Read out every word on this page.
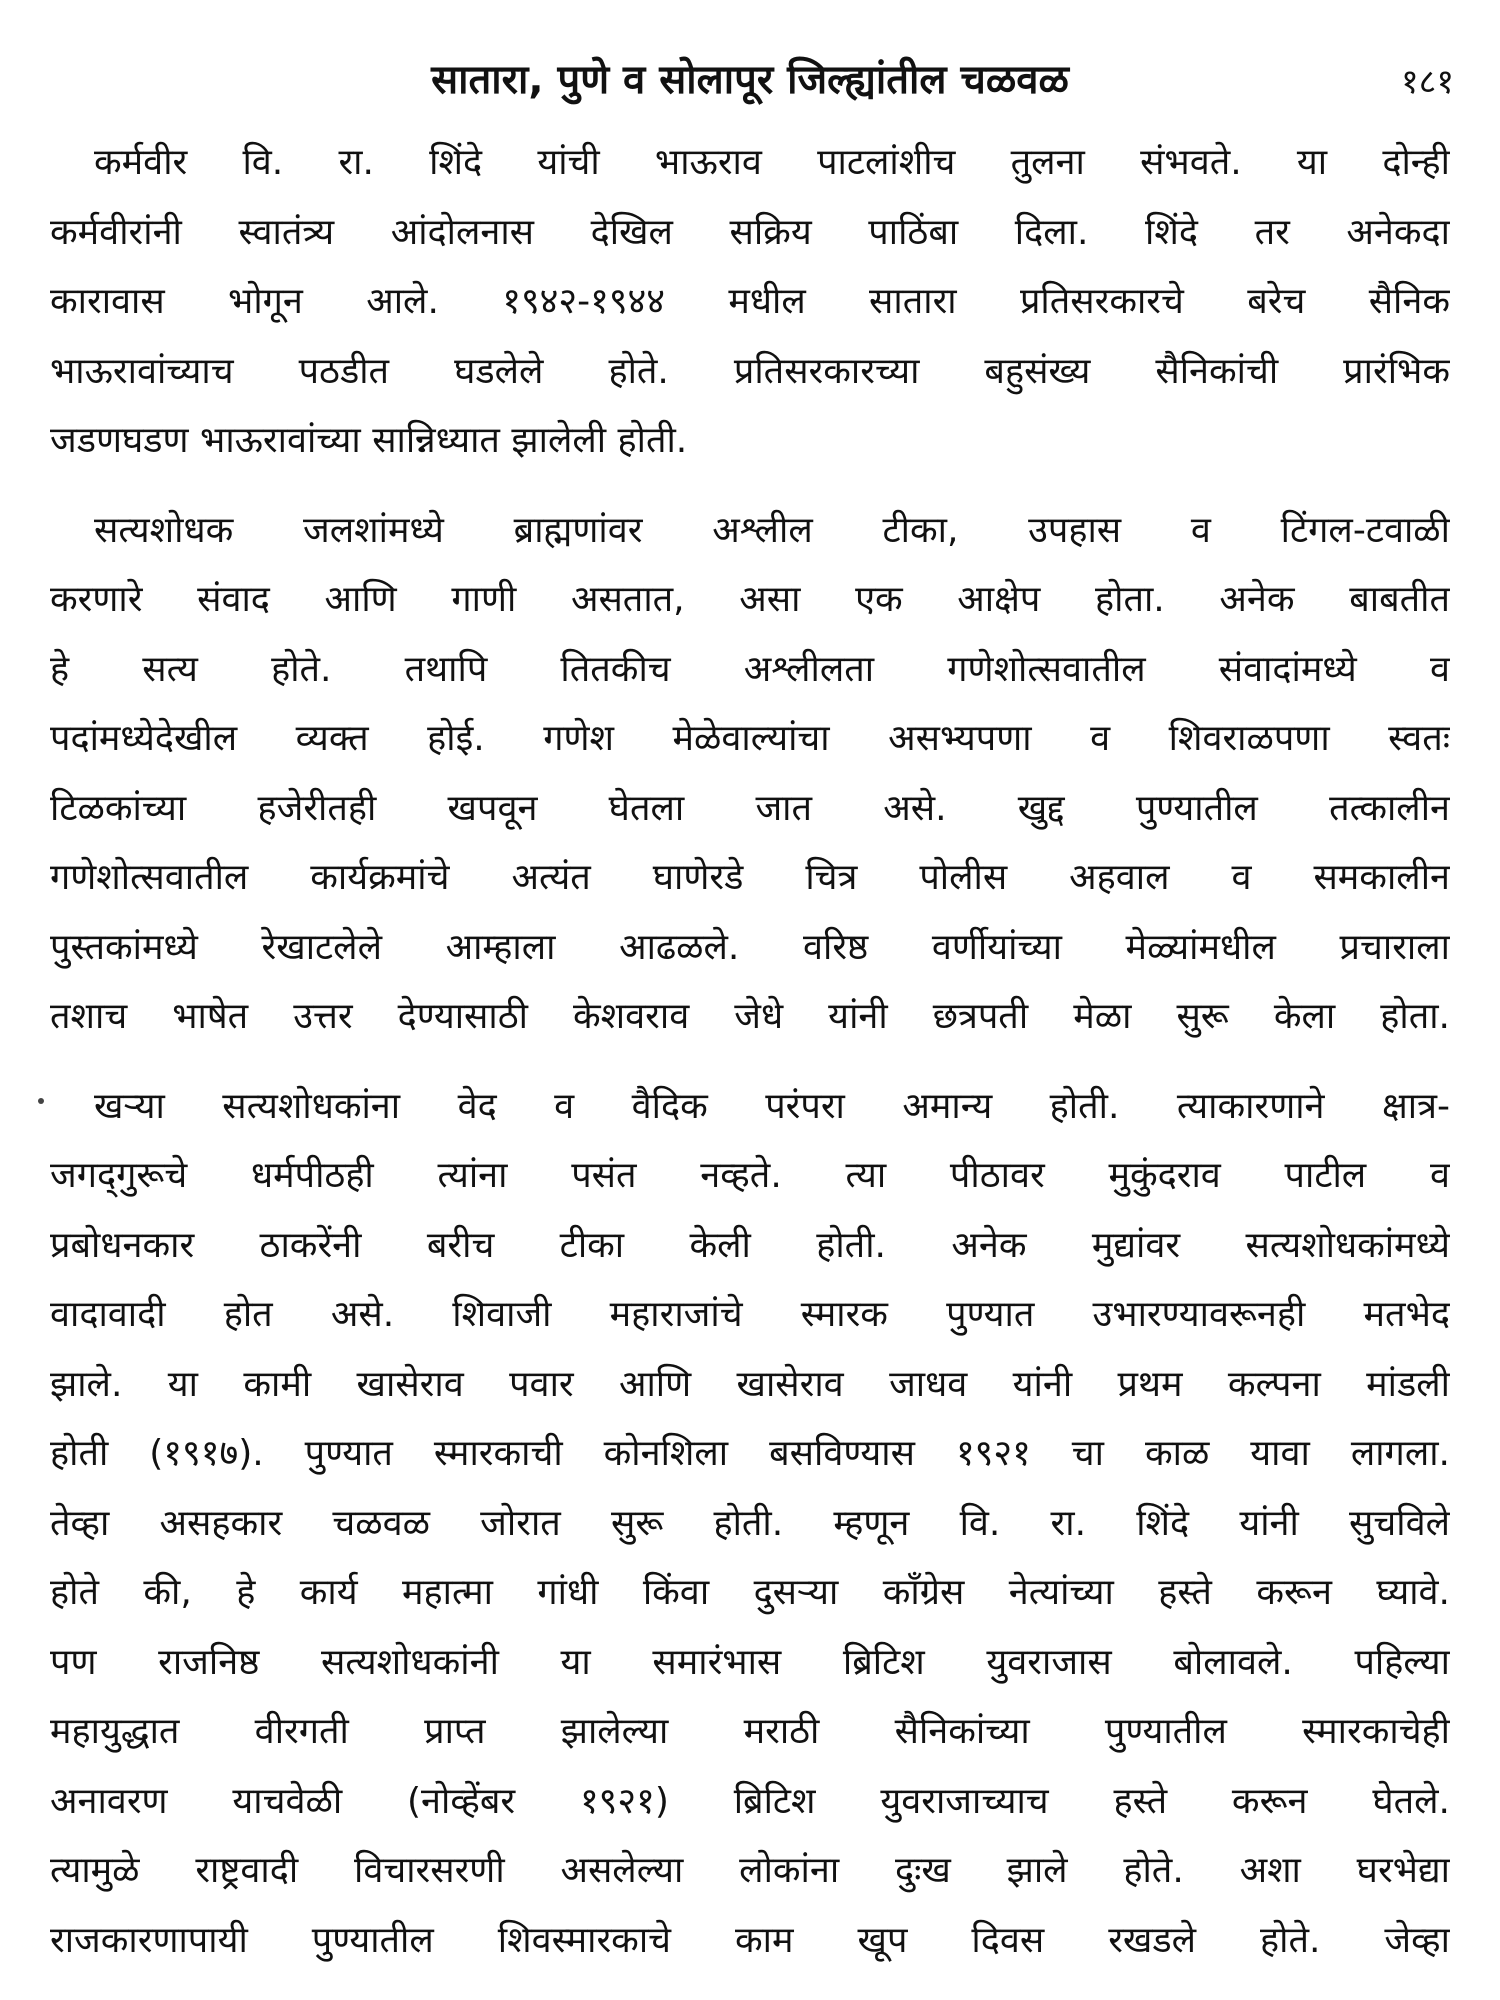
सातारा, पुणे व सोलापूर जिल्ह्यांतील चळवळ	१८१
कर्मवीर वि. रा. शिंदे यांची भाऊराव पाटलांशीच तुलना संभवते. या दोन्ही
कर्मवीरांनी स्वातंत्र्य आंदोलनास देखिल सक्रिय पाठिंबा दिला. शिंदे तर अनेकदा
कारावास भोगून आले. १९४२-१९४४ मधील सातारा प्रतिसरकारचे बरेच सैनिक
भाऊरावांच्याच पठडीत घडलेले होते. प्रतिसरकारच्या बहुसंख्य सैनिकांची प्रारंभिक
जडणघडण भाऊरावांच्या सान्निध्यात झालेली होती.
सत्यशोधक जलशांमध्ये ब्राह्मणांवर अश्लील टीका, उपहास व टिंगल-टवाळी
करणारे संवाद आणि गाणी असतात, असा एक आक्षेप होता. अनेक बाबतीत
हे सत्य होते. तथापि तितकीच अश्लीलता गणेशोत्सवातील संवादांमध्ये व
पदांमध्येदेखील व्यक्त होई. गणेश मेळेवाल्यांचा असभ्यपणा व शिवराळपणा स्वतः
टिळकांच्या हजेरीतही खपवून घेतला जात असे. खुद्द पुण्यातील तत्कालीन
गणेशोत्सवातील कार्यक्रमांचे अत्यंत घाणेरडे चित्र पोलीस अहवाल व समकालीन
पुस्तकांमध्ये रेखाटलेले आम्हाला आढळले. वरिष्ठ वर्णीयांच्या मेळ्यांमधील प्रचाराला
तशाच भाषेत उत्तर देण्यासाठी केशवराव जेधे यांनी छत्रपती मेळा सुरू केला होता.
खऱ्या सत्यशोधकांना वेद व वैदिक परंपरा अमान्य होती. त्याकारणाने क्षात्र-
जगद्‌गुरूचे धर्मपीठही त्यांना पसंत नव्हते. त्या पीठावर मुकुंदराव पाटील व
प्रबोधनकार ठाकरेंनी बरीच टीका केली होती. अनेक मुद्यांवर सत्यशोधकांमध्ये
वादावादी होत असे. शिवाजी महाराजांचे स्मारक पुण्यात उभारण्यावरूनही मतभेद
झाले. या कामी खासेराव पवार आणि खासेराव जाधव यांनी प्रथम कल्पना मांडली
होती (१९१७). पुण्यात स्मारकाची कोनशिला बसविण्यास १९२१ चा काळ यावा लागला.
तेव्हा असहकार चळवळ जोरात सुरू होती. म्हणून वि. रा. शिंदे यांनी सुचविले
होते की, हे कार्य महात्मा गांधी किंवा दुसऱ्या कॉंग्रेस नेत्यांच्या हस्ते करून घ्यावे.
पण राजनिष्ठ सत्यशोधकांनी या समारंभास ब्रिटिश युवराजास बोलावले. पहिल्या
महायुद्धात वीरगती प्राप्त झालेल्या मराठी सैनिकांच्या पुण्यातील स्मारकाचेही
अनावरण याचवेळी (नोव्हेंबर १९२१) ब्रिटिश युवराजाच्याच हस्ते करून घेतले.
त्यामुळे राष्ट्रवादी विचारसरणी असलेल्या लोकांना दुःख झाले होते. अशा घरभेद्या
राजकारणापायी पुण्यातील शिवस्मारकाचे काम खूप दिवस रखडले होते. जेव्हा
